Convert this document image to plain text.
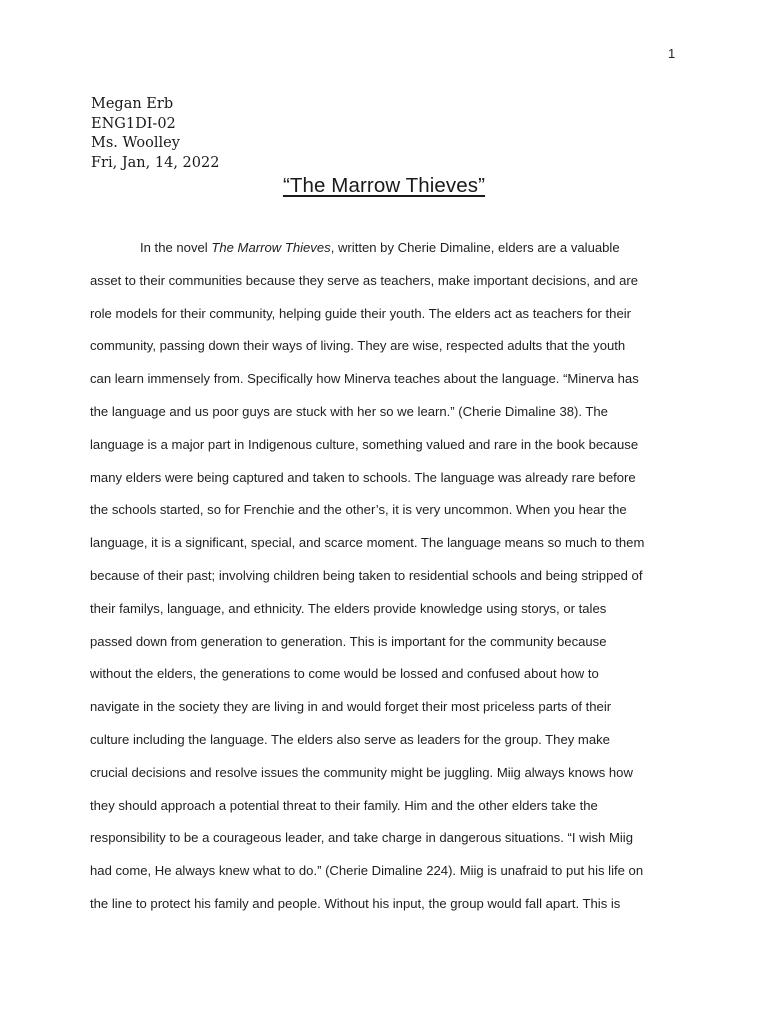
1
Megan Erb
ENG1DI-02
Ms. Woolley
Fri, Jan, 14, 2022
“The Marrow Thieves”
In the novel The Marrow Thieves, written by Cherie Dimaline, elders are a valuable
asset to their communities because they serve as teachers, make important decisions, and are
role models for their community, helping guide their youth. The elders act as teachers for their
community, passing down their ways of living. They are wise, respected adults that the youth
can learn immensely from. Specifically how Minerva teaches about the language. “Minerva has
the language and us poor guys are stuck with her so we learn.” (Cherie Dimaline 38). The
language is a major part in Indigenous culture, something valued and rare in the book because
many elders were being captured and taken to schools. The language was already rare before
the schools started, so for Frenchie and the other’s, it is very uncommon. When you hear the
language, it is a significant, special, and scarce moment. The language means so much to them
because of their past; involving children being taken to residential schools and being stripped of
their familys, language, and ethnicity. The elders provide knowledge using storys, or tales
passed down from generation to generation. This is important for the community because
without the elders, the generations to come would be lossed and confused about how to
navigate in the society they are living in and would forget their most priceless parts of their
culture including the language. The elders also serve as leaders for the group. They make
crucial decisions and resolve issues the community might be juggling. Miig always knows how
they should approach a potential threat to their family. Him and the other elders take the
responsibility to be a courageous leader, and take charge in dangerous situations. “I wish Miig
had come, He always knew what to do.” (Cherie Dimaline 224). Miig is unafraid to put his life on
the line to protect his family and people. Without his input, the group would fall apart. This is
